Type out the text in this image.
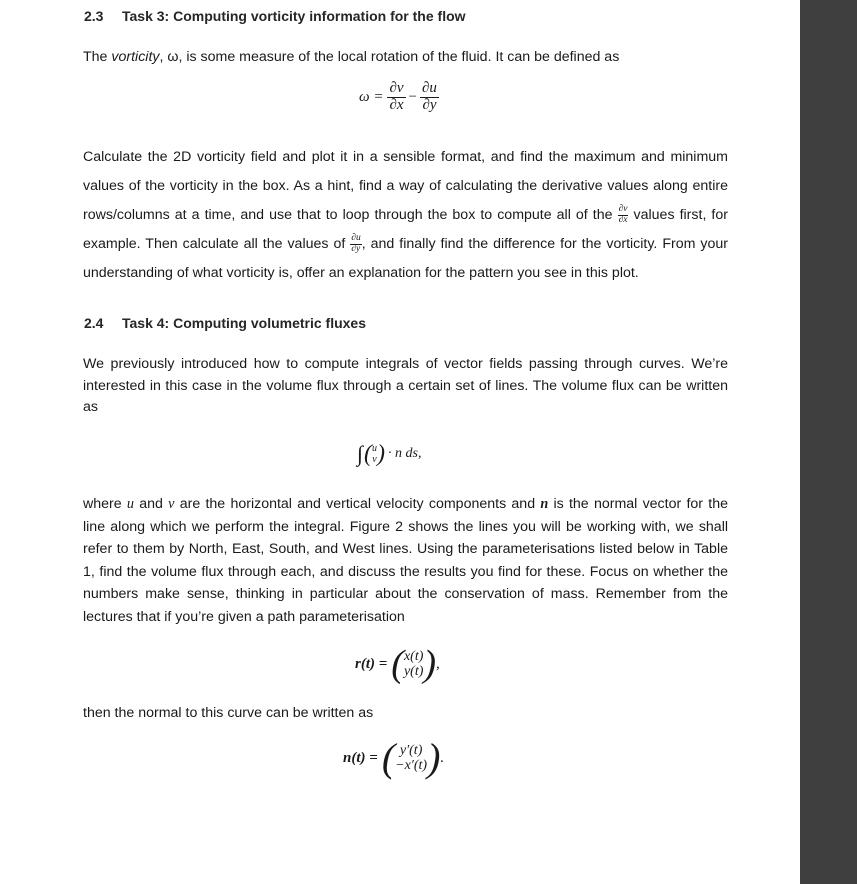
2.3 Task 3: Computing vorticity information for the flow
The vorticity, ω, is some measure of the local rotation of the fluid. It can be defined as
$\omega = \frac{\partial v}{\partial x} - \frac{\partial u}{\partial y}$
Calculate the 2D vorticity field and plot it in a sensible format, and find the maximum and minimum values of the vorticity in the box. As a hint, find a way of calculating the derivative values along entire rows/columns at a time, and use that to loop through the box to compute all of the $\frac{\partial v}{\partial x}$ values first, for example. Then calculate all the values of $\frac{\partial u}{\partial y}$ , and finally find the difference for the vorticity. From your understanding of what vorticity is, offer an explanation for the pattern you see in this plot.
2.4 Task 4: Computing volumetric fluxes
We previously introduced how to compute integrals of vector fields passing through curves. We’re interested in this case in the volume flux through a certain set of lines. The volume flux can be written as
∫ ( u
v ) · n ds,
where u and v are the horizontal and vertical velocity components and n is the normal vector for the line along which we perform the integral. Figure 2 shows the lines you will be working with, we shall refer to them by North, East, South, and West lines. Using the parameterisations listed below in Table 1, find the volume flux through each, and discuss the results you find for these. Focus on whether the numbers make sense, thinking in particular about the conservation of mass. Remember from the lectures that if you’re given a path parameterisation
r(t) = ( x(t)
y(t) ) ,
then the normal to this curve can be written as
n(t) = ( y′(t)
−x′(t) ) .
